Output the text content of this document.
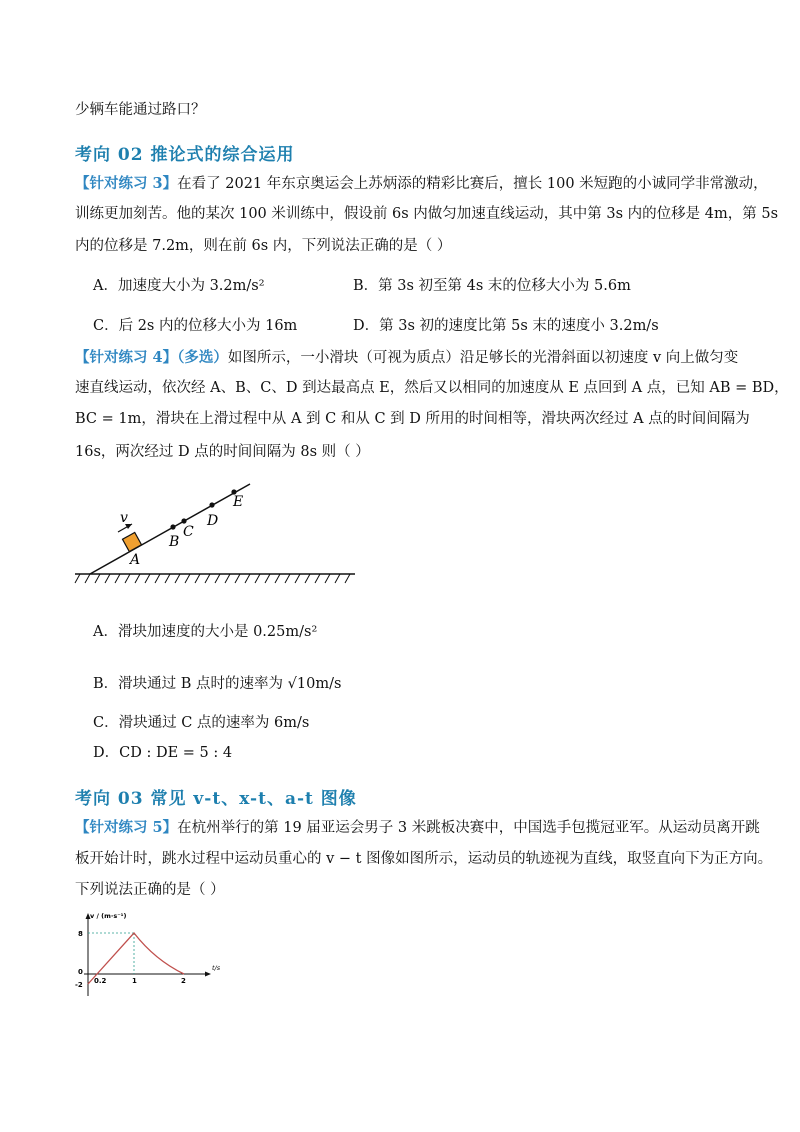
少辆车能通过路口？
考向 02 推论式的综合运用
【针对练习 3】在看了 2021 年东京奥运会上苏炳添的精彩比赛后，擅长 100 米短跑的小诚同学非常激动，
训练更加刻苦。他的某次 100 米训练中，假设前 6s 内做匀加速直线运动，其中第 3s 内的位移是 4m，第 5s
内的位移是 7.2m，则在前 6s 内，下列说法正确的是（ ）
A．加速度大小为 3.2m/s²	B．第 3s 初至第 4s 末的位移大小为 5.6m
C．后 2s 内的位移大小为 16m	D．第 3s 初的速度比第 5s 末的速度小 3.2m/s
【针对练习 4】（多选）如图所示，一小滑块（可视为质点）沿足够长的光滑斜面以初速度 v 向上做匀变
速直线运动，依次经 A、B、C、D 到达最高点 E，然后又以相同的加速度从 E 点回到 A 点，已知 AB = BD，
BC = 1m，滑块在上滑过程中从 A 到 C 和从 C 到 D 所用的时间相等，滑块两次经过 A 点的时间间隔为
16s，两次经过 D 点的时间间隔为 8s 则（ ）
v
A
B
C
D
E
A．滑块加速度的大小是 0.25m/s²
B．滑块通过 B 点时的速率为 √10m/s
C．滑块通过 C 点的速率为 6m/s
D．CD : DE = 5 : 4
考向 03 常见 v-t、x-t、a-t 图像
【针对练习 5】在杭州举行的第 19 届亚运会男子 3 米跳板决赛中，中国选手包揽冠亚军。从运动员离开跳
板开始计时，跳水过程中运动员重心的 v − t 图像如图所示，运动员的轨迹视为直线，取竖直向下为正方向。
下列说法正确的是（ ）
v / (m·s⁻¹)
t/s
8
0
-2 0.2	1	2
